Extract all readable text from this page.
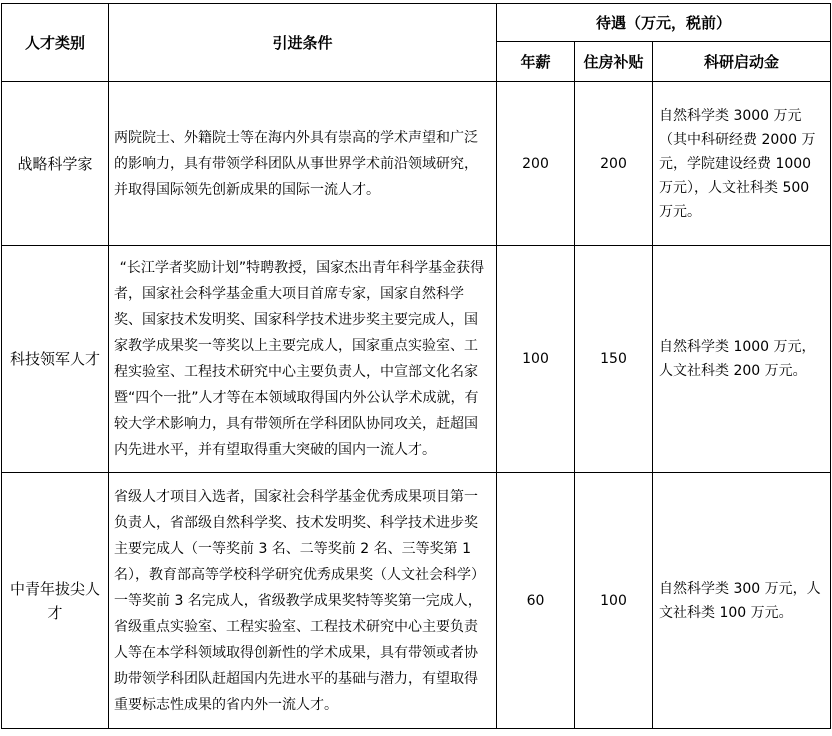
人才类别	引进条件	待遇（万元，税前）		
		年薪	住房补贴	科研启动金
战略科学家	两院院士、外籍院士等在海内外具有崇高的学术声望和广泛的影响力，具有带领学科团队从事世界学术前沿领域研究，并取得国际领先创新成果的国际一流人才。	200	200	自然科学类 3000 万元（其中科研经费 2000 万元，学院建设经费 1000 万元），人文社科类 500 万元。
科技领军人才	“长江学者奖励计划”特聘教授，国家杰出青年科学基金获得者，国家社会科学基金重大项目首席专家，国家自然科学奖、国家技术发明奖、国家科学技术进步奖主要完成人，国家教学成果奖一等奖以上主要完成人，国家重点实验室、工程实验室、工程技术研究中心主要负责人，中宣部文化名家暨“四个一批”人才等在本领域取得国内外公认学术成就，有较大学术影响力，具有带领所在学科团队协同攻关，赶超国内先进水平，并有望取得重大突破的国内一流人才。	100	150	自然科学类 1000 万元，人文社科类 200 万元。
中青年拔尖人才	省级人才项目入选者，国家社会科学基金优秀成果项目第一负责人，省部级自然科学奖、技术发明奖、科学技术进步奖主要完成人（一等奖前 3 名、二等奖前 2 名、三等奖第 1 名），教育部高等学校科学研究优秀成果奖（人文社会科学）一等奖前 3 名完成人，省级教学成果奖特等奖第一完成人，省级重点实验室、工程实验室、工程技术研究中心主要负责人等在本学科领域取得创新性的学术成果，具有带领或者协助带领学科团队赶超国内先进水平的基础与潜力，有望取得重要标志性成果的省内外一流人才。	60	100	自然科学类 300 万元，人文社科类 100 万元。
